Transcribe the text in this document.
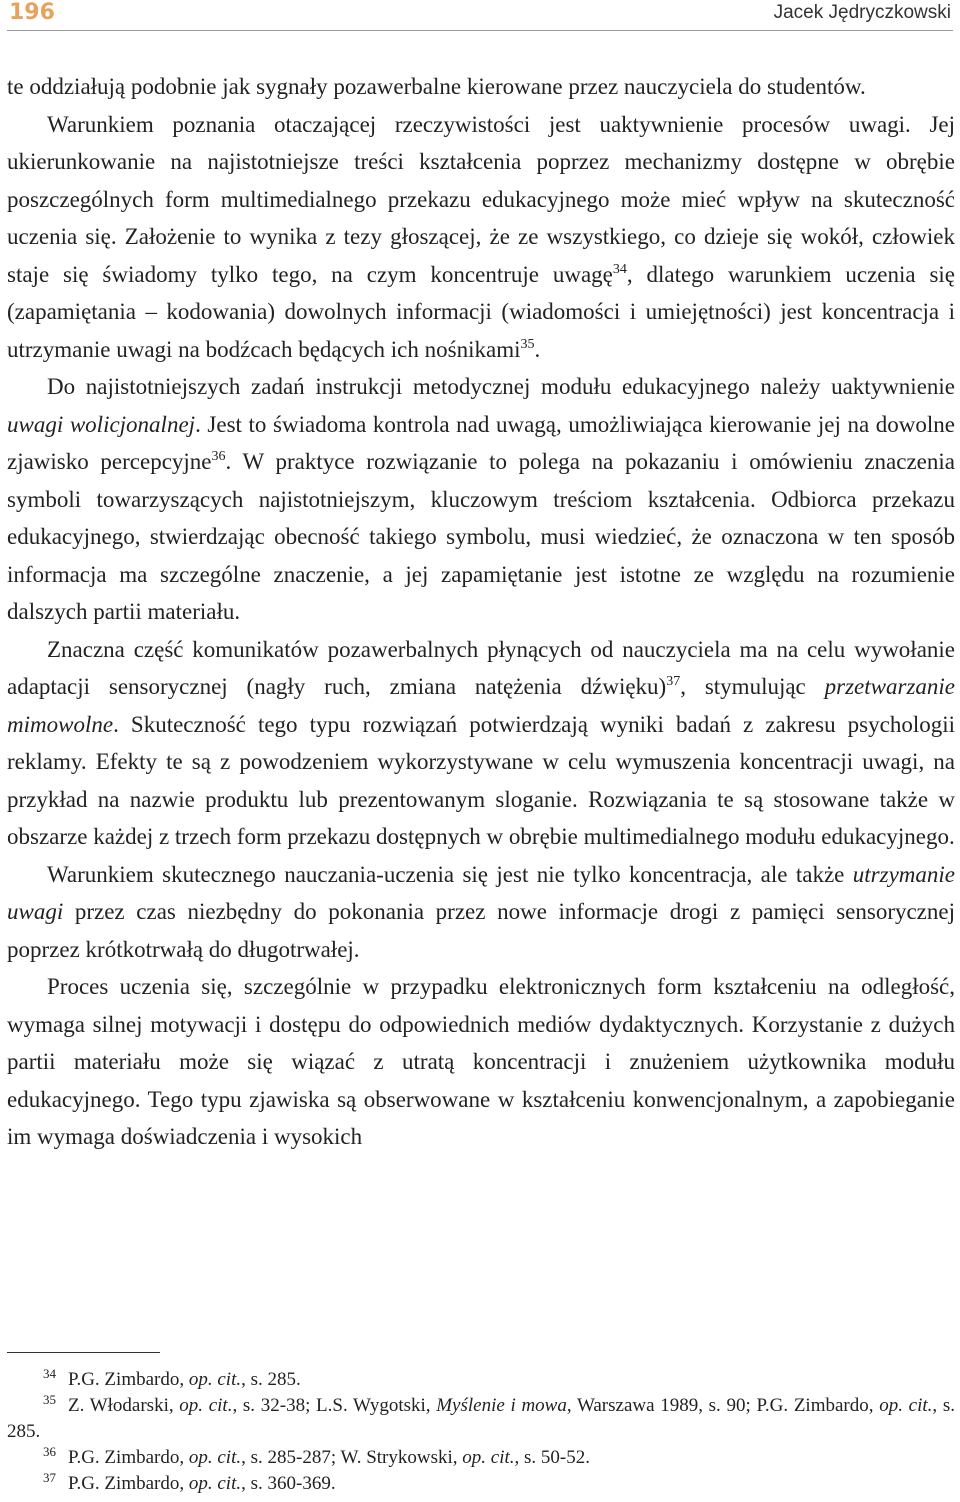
196	Jacek Jędryczkowski

te oddziałują podobnie jak sygnały pozawerbalne kierowane przez nauczyciela do studentów.

Warunkiem poznania otaczającej rzeczywistości jest uaktywnienie procesów uwagi. Jej ukierunkowanie na najistotniejsze treści kształcenia poprzez mechanizmy dostępne w obrębie poszczególnych form multimedialnego przekazu edukacyjnego może mieć wpływ na skuteczność uczenia się. Założenie to wynika z tezy głoszącej, że ze wszystkiego, co dzieje się wokół, człowiek staje się świadomy tylko tego, na czym koncentruje uwagę$^{34}$, dlatego warunkiem uczenia się (zapamiętania – kodowania) dowolnych informacji (wiadomości i umiejętności) jest koncentracja i utrzymanie uwagi na bodźcach będących ich nośnikami$^{35}$.

Do najistotniejszych zadań instrukcji metodycznej modułu edukacyjnego należy uaktywnienie uwagi wolicjonalnej. Jest to świadoma kontrola nad uwagą, umożliwiająca kierowanie jej na dowolne zjawisko percepcyjne$^{36}$. W praktyce rozwiązanie to polega na pokazaniu i omówieniu znaczenia symboli towarzyszących najistotniejszym, kluczowym treściom kształcenia. Odbiorca przekazu edukacyjnego, stwierdzając obecność takiego symbolu, musi wiedzieć, że oznaczona w ten sposób informacja ma szczególne znaczenie, a jej zapamiętanie jest istotne ze względu na rozumienie dalszych partii materiału.

Znaczna część komunikatów pozawerbalnych płynących od nauczyciela ma na celu wywołanie adaptacji sensorycznej (nagły ruch, zmiana natężenia dźwięku)$^{37}$, stymulując przetwarzanie mimowolne. Skuteczność tego typu rozwiązań potwierdzają wyniki badań z zakresu psychologii reklamy. Efekty te są z powodzeniem wykorzystywane w celu wymuszenia koncentracji uwagi, na przykład na nazwie produktu lub prezentowanym sloganie. Rozwiązania te są stosowane także w obszarze każdej z trzech form przekazu dostępnych w obrębie multimedialnego modułu edukacyjnego.

Warunkiem skutecznego nauczania-uczenia się jest nie tylko koncentracja, ale także utrzymanie uwagi przez czas niezbędny do pokonania przez nowe informacje drogi z pamięci sensorycznej poprzez krótkotrwałą do długotrwałej.

Proces uczenia się, szczególnie w przypadku elektronicznych form kształceniu na odległość, wymaga silnej motywacji i dostępu do odpowiednich mediów dydaktycznych. Korzystanie z dużych partii materiału może się wiązać z utratą koncentracji i znużeniem użytkownika modułu edukacyjnego. Tego typu zjawiska są obserwowane w kształceniu konwencjonalnym, a zapobieganie im wymaga doświadczenia i wysokich

$^{34}$ P.G. Zimbardo, op. cit., s. 285.

$^{35}$ Z. Włodarski, op. cit., s. 32-38; L.S. Wygotski, Myślenie i mowa, Warszawa 1989, s. 90; P.G. Zimbardo, op. cit., s. 285.

$^{36}$ P.G. Zimbardo, op. cit., s. 285-287; W. Strykowski, op. cit., s. 50-52.

$^{37}$ P.G. Zimbardo, op. cit., s. 360-369.
